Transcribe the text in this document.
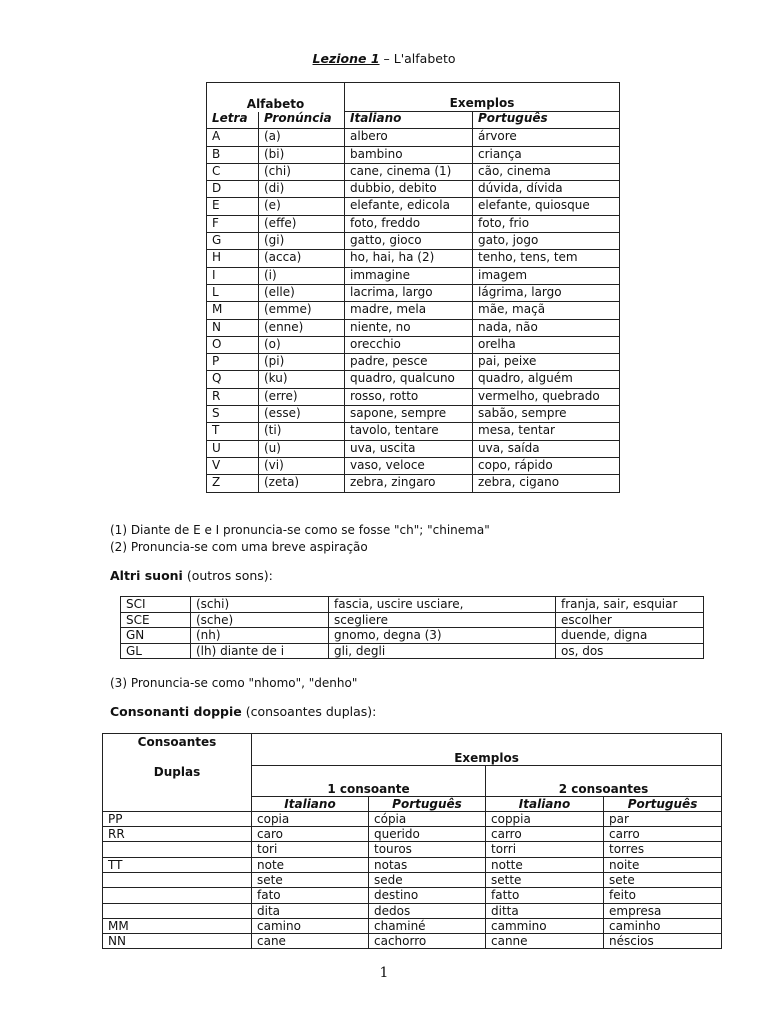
Lezione 1 – L'alfabeto
Alfabeto		Exemplos	
Letra	Pronúncia	Italiano	Português
A	(a)	albero	árvore
B	(bi)	bambino	criança
C	(chi)	cane, cinema (1)	cão, cinema
D	(di)	dubbio, debito	dúvida, dívida
E	(e)	elefante, edicola	elefante, quiosque
F	(effe)	foto, freddo	foto, frio
G	(gi)	gatto, gioco	gato, jogo
H	(acca)	ho, hai, ha (2)	tenho, tens, tem
I	(i)	immagine	imagem
L	(elle)	lacrima, largo	lágrima, largo
M	(emme)	madre, mela	mãe, maçã
N	(enne)	niente, no	nada, não
O	(o)	orecchio	orelha
P	(pi)	padre, pesce	pai, peixe
Q	(ku)	quadro, qualcuno	quadro, alguém
R	(erre)	rosso, rotto	vermelho, quebrado
S	(esse)	sapone, sempre	sabão, sempre
T	(ti)	tavolo, tentare	mesa, tentar
U	(u)	uva, uscita	uva, saída
V	(vi)	vaso, veloce	copo, rápido
Z	(zeta)	zebra, zingaro	zebra, cigano
(1) Diante de E e I pronuncia-se como se fosse "ch"; "chinema"
(2) Pronuncia-se com uma breve aspiração
Altri suoni (outros sons):
SCI	(schi)	fascia, uscire usciare,	franja, sair, esquiar
SCE	(sche)	scegliere	escolher
GN	(nh)	gnomo, degna (3)	duende, digna
GL	(lh) diante de i	gli, degli	os, dos
(3) Pronuncia-se como "nhomo", "denho"
Consonanti doppie (consoantes duplas):
Consoantes	Exemplos			
Duplas	1 consoante		2 consoantes	
	Italiano	Português	Italiano	Português
PP	copia	cópia	coppia	par
RR	caro	querido	carro	carro
	tori	touros	torri	torres
TT	note	notas	notte	noite
	sete	sede	sette	sete
	fato	destino	fatto	feito
	dita	dedos	ditta	empresa
MM	camino	chaminé	cammino	caminho
NN	cane	cachorro	canne	néscios
1
